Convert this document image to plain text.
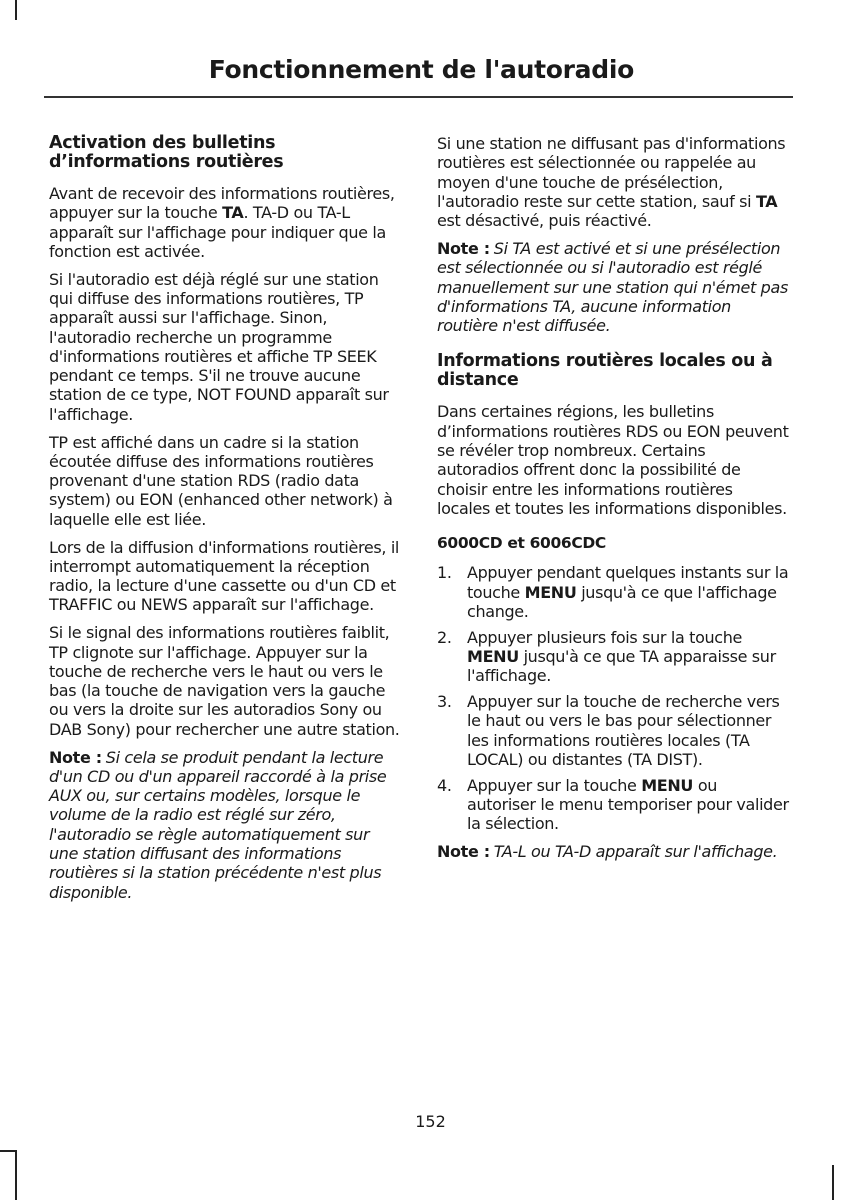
Fonctionnement de l'autoradio
Activation des bulletins d’informations routières

Avant de recevoir des informations routières, appuyer sur la touche TA. TA-D ou TA-L apparaît sur l'affichage pour indiquer que la fonction est activée.

Si l'autoradio est déjà réglé sur une station qui diffuse des informations routières, TP apparaît aussi sur l'affichage. Sinon, l'autoradio recherche un programme d'informations routières et affiche TP SEEK pendant ce temps. S'il ne trouve aucune station de ce type, NOT FOUND apparaît sur l'affichage.

TP est affiché dans un cadre si la station écoutée diffuse des informations routières provenant d'une station RDS (radio data system) ou EON (enhanced other network) à laquelle elle est liée.

Lors de la diffusion d'informations routières, il interrompt automatiquement la réception radio, la lecture d'une cassette ou d'un CD et TRAFFIC ou NEWS apparaît sur l'affichage.

Si le signal des informations routières faiblit, TP clignote sur l'affichage. Appuyer sur la touche de recherche vers le haut ou vers le bas (la touche de navigation vers la gauche ou vers la droite sur les autoradios Sony ou DAB Sony) pour rechercher une autre station.

Note : Si cela se produit pendant la lecture d'un CD ou d'un appareil raccordé à la prise AUX ou, sur certains modèles, lorsque le volume de la radio est réglé sur zéro, l'autoradio se règle automatiquement sur une station diffusant des informations routières si la station précédente n'est plus disponible.

Si une station ne diffusant pas d'informations routières est sélectionnée ou rappelée au moyen d'une touche de présélection, l'autoradio reste sur cette station, sauf si TA est désactivé, puis réactivé.

Note : Si TA est activé et si une présélection est sélectionnée ou si l'autoradio est réglé manuellement sur une station qui n'émet pas d'informations TA, aucune information routière n'est diffusée.

Informations routières locales ou à distance

Dans certaines régions, les bulletins d’informations routières RDS ou EON peuvent se révéler trop nombreux. Certains autoradios offrent donc la possibilité de choisir entre les informations routières locales et toutes les informations disponibles.

6000CD et 6006CDC
1. Appuyer pendant quelques instants sur la touche MENU jusqu'à ce que l'affichage change.
2. Appuyer plusieurs fois sur la touche MENU jusqu'à ce que TA apparaisse sur l'affichage.
3. Appuyer sur la touche de recherche vers le haut ou vers le bas pour sélectionner les informations routières locales (TA LOCAL) ou distantes (TA DIST).
4. Appuyer sur la touche MENU ou autoriser le menu temporiser pour valider la sélection.

Note : TA-L ou TA-D apparaît sur l'affichage.

152
